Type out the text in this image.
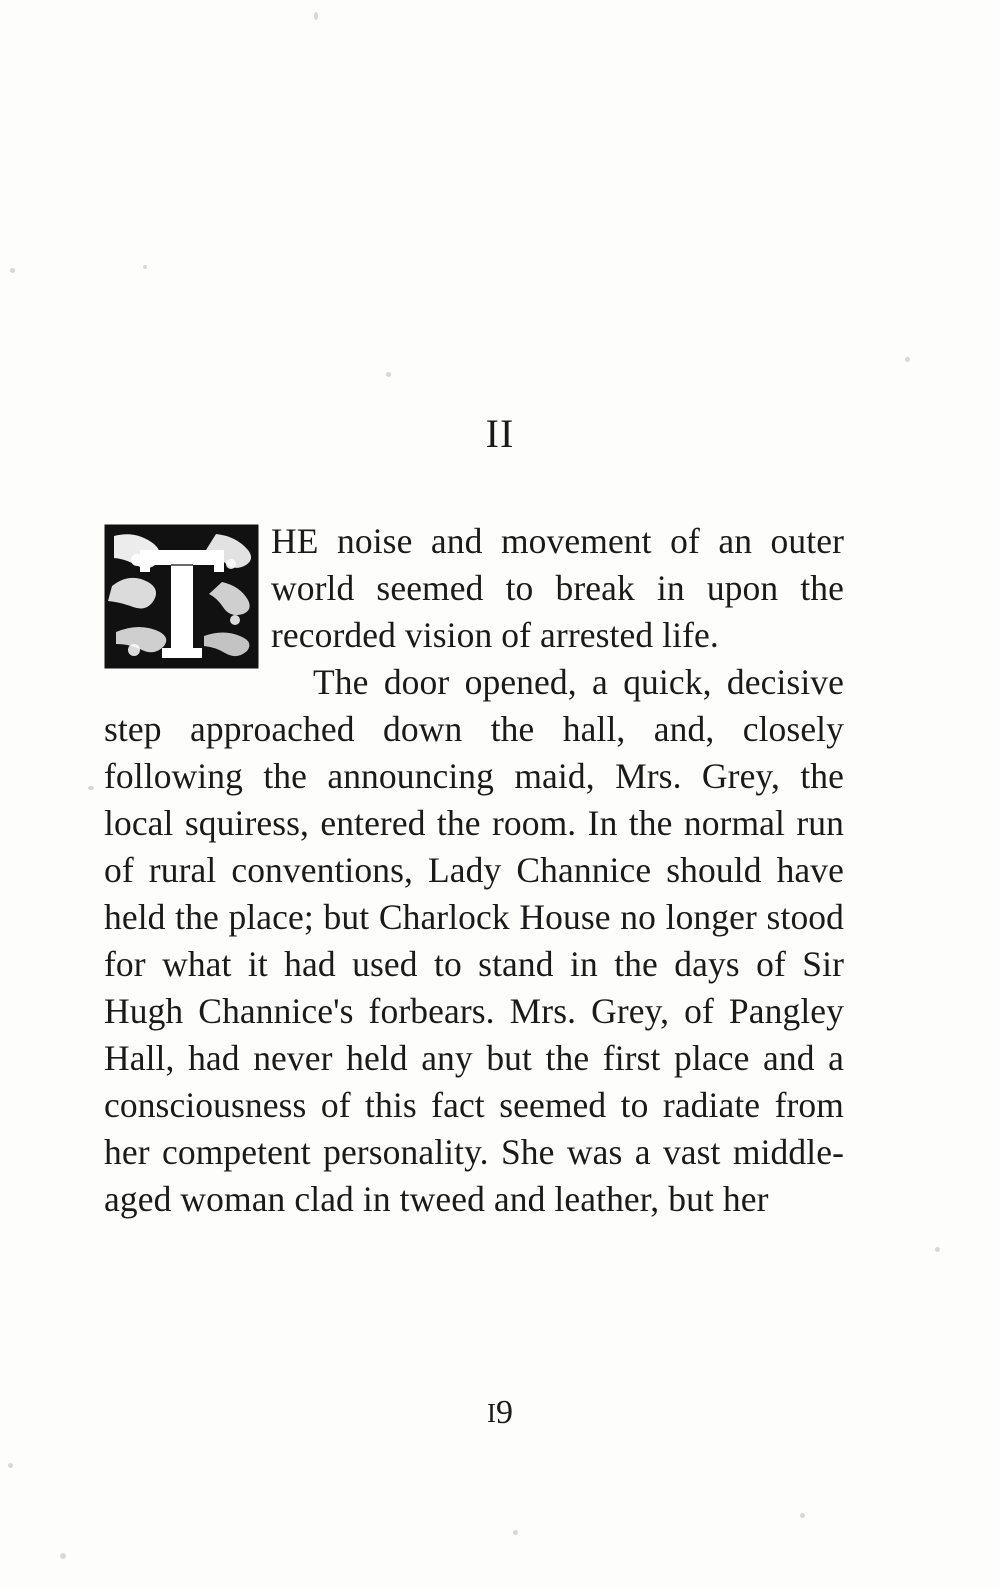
II

HE noise and movement of an outer world seemed to break in upon the recorded vision of arrested life.

The door opened, a quick, decisive step approached down the hall, and, closely following the announcing maid, Mrs. Grey, the local squiress, entered the room. In the normal run of rural conventions, Lady Channice should have held the place; but Charlock House no longer stood for what it had used to stand in the days of Sir Hugh Channice's forbears. Mrs. Grey, of Pangley Hall, had never held any but the first place and a consciousness of this fact seemed to radiate from her competent personality. She was a vast middle-aged woman clad in tweed and leather, but her

I9
